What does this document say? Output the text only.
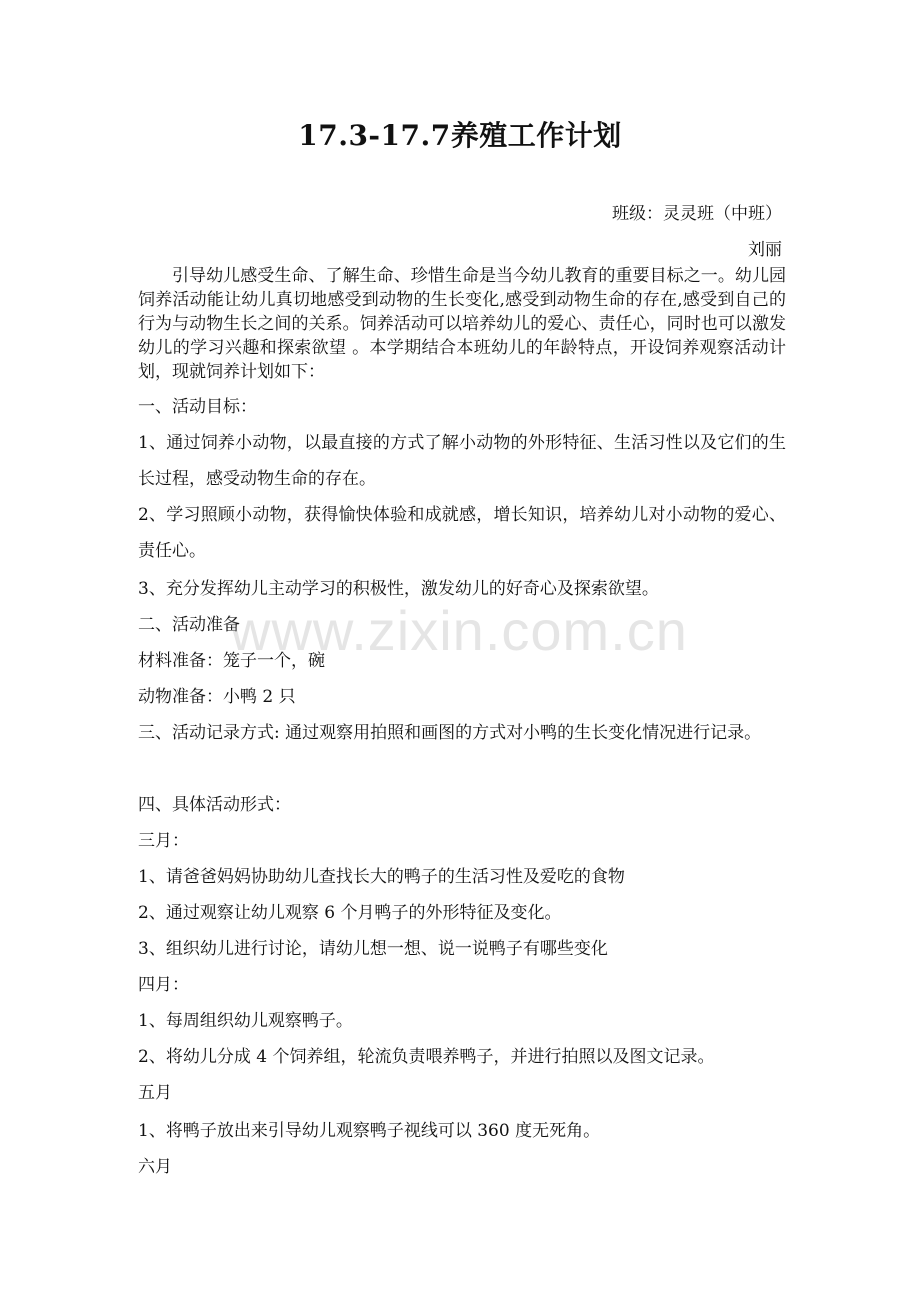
17.3-17.7养殖工作计划
班级：灵灵班（中班）
刘丽
引导幼儿感受生命、了解生命、珍惜生命是当今幼儿教育的重要目标之一。幼儿园饲养活动能让幼儿真切地感受到动物的生长变化,感受到动物生命的存在,感受到自己的行为与动物生长之间的关系。饲养活动可以培养幼儿的爱心、责任心，同时也可以激发幼儿的学习兴趣和探索欲望 。本学期结合本班幼儿的年龄特点，开设饲养观察活动计划，现就饲养计划如下：
一、活动目标：
1、通过饲养小动物，以最直接的方式了解小动物的外形特征、生活习性以及它们的生长过程，感受动物生命的存在。
2、学习照顾小动物，获得愉快体验和成就感，增长知识，培养幼儿对小动物的爱心、责任心。
3、充分发挥幼儿主动学习的积极性，激发幼儿的好奇心及探索欲望。
二、活动准备
材料准备：笼子一个，碗
动物准备：小鸭 2 只
三、活动记录方式: 通过观察用拍照和画图的方式对小鸭的生长变化情况进行记录。
四、具体活动形式：
三月：
1、请爸爸妈妈协助幼儿查找长大的鸭子的生活习性及爱吃的食物
2、通过观察让幼儿观察 6 个月鸭子的外形特征及变化。
3、组织幼儿进行讨论，请幼儿想一想、说一说鸭子有哪些变化
四月：
1、每周组织幼儿观察鸭子。
2、将幼儿分成 4 个饲养组，轮流负责喂养鸭子，并进行拍照以及图文记录。
五月
1、将鸭子放出来引导幼儿观察鸭子视线可以 360 度无死角。
六月
www.zixin.com.cn
